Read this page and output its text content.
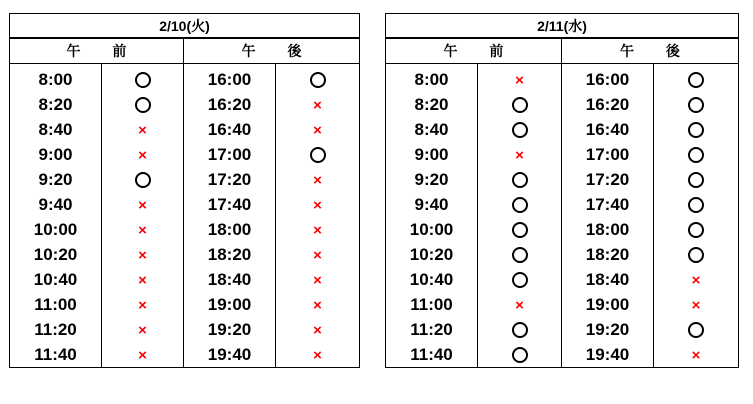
2/10(火)			
午 前		午 後	
8:00		16:00	
8:20		16:20	×
8:40	×	16:40	×
9:00	×	17:00	
9:20		17:20	×
9:40	×	17:40	×
10:00	×	18:00	×
10:20	×	18:20	×
10:40	×	18:40	×
11:00	×	19:00	×
11:20	×	19:20	×
11:40	×	19:40	×
2/11(水)			
午 前		午 後	
8:00	×	16:00	
8:20		16:20	
8:40		16:40	
9:00	×	17:00	
9:20		17:20	
9:40		17:40	
10:00		18:00	
10:20		18:20	
10:40		18:40	×
11:00	×	19:00	×
11:20		19:20	
11:40		19:40	×
